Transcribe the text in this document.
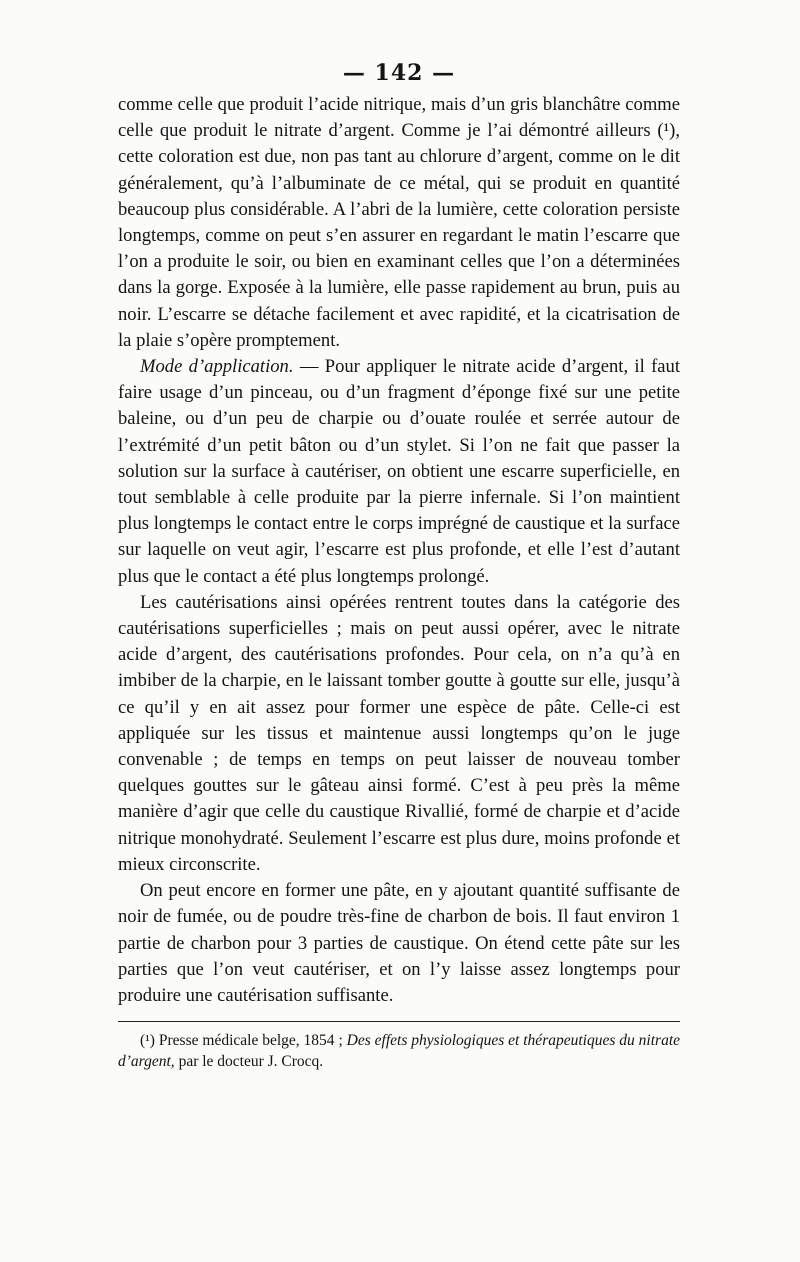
— 142 —

comme celle que produit l’acide nitrique, mais d’un gris blanchâtre comme celle que produit le nitrate d’argent. Comme je l’ai démontré ailleurs (¹), cette coloration est due, non pas tant au chlorure d’argent, comme on le dit généralement, qu’à l’albuminate de ce métal, qui se produit en quantité beaucoup plus considérable. A l’abri de la lumière, cette coloration persiste longtemps, comme on peut s’en assurer en regardant le matin l’escarre que l’on a produite le soir, ou bien en examinant celles que l’on a déterminées dans la gorge. Exposée à la lumière, elle passe rapidement au brun, puis au noir. L’escarre se détache facilement et avec rapidité, et la cicatrisation de la plaie s’opère promptement.

Mode d’application. — Pour appliquer le nitrate acide d’argent, il faut faire usage d’un pinceau, ou d’un fragment d’éponge fixé sur une petite baleine, ou d’un peu de charpie ou d’ouate roulée et serrée autour de l’extrémité d’un petit bâton ou d’un stylet. Si l’on ne fait que passer la solution sur la surface à cautériser, on obtient une escarre superficielle, en tout semblable à celle produite par la pierre infernale. Si l’on maintient plus longtemps le contact entre le corps imprégné de caustique et la surface sur laquelle on veut agir, l’escarre est plus profonde, et elle l’est d’autant plus que le contact a été plus longtemps prolongé.

Les cautérisations ainsi opérées rentrent toutes dans la catégorie des cautérisations superficielles ; mais on peut aussi opérer, avec le nitrate acide d’argent, des cautérisations profondes. Pour cela, on n’a qu’à en imbiber de la charpie, en le laissant tomber goutte à goutte sur elle, jusqu’à ce qu’il y en ait assez pour former une espèce de pâte. Celle-ci est appliquée sur les tissus et maintenue aussi longtemps qu’on le juge convenable ; de temps en temps on peut laisser de nouveau tomber quelques gouttes sur le gâteau ainsi formé. C’est à peu près la même manière d’agir que celle du caustique Rivallié, formé de charpie et d’acide nitrique monohydraté. Seulement l’escarre est plus dure, moins profonde et mieux circonscrite.

On peut encore en former une pâte, en y ajoutant quantité suffisante de noir de fumée, ou de poudre très-fine de charbon de bois. Il faut environ 1 partie de charbon pour 3 parties de caustique. On étend cette pâte sur les parties que l’on veut cautériser, et on l’y laisse assez longtemps pour produire une cautérisation suffisante.

(¹) Presse médicale belge, 1854 ; Des effets physiologiques et thérapeutiques du nitrate d’argent, par le docteur J. Crocq.
